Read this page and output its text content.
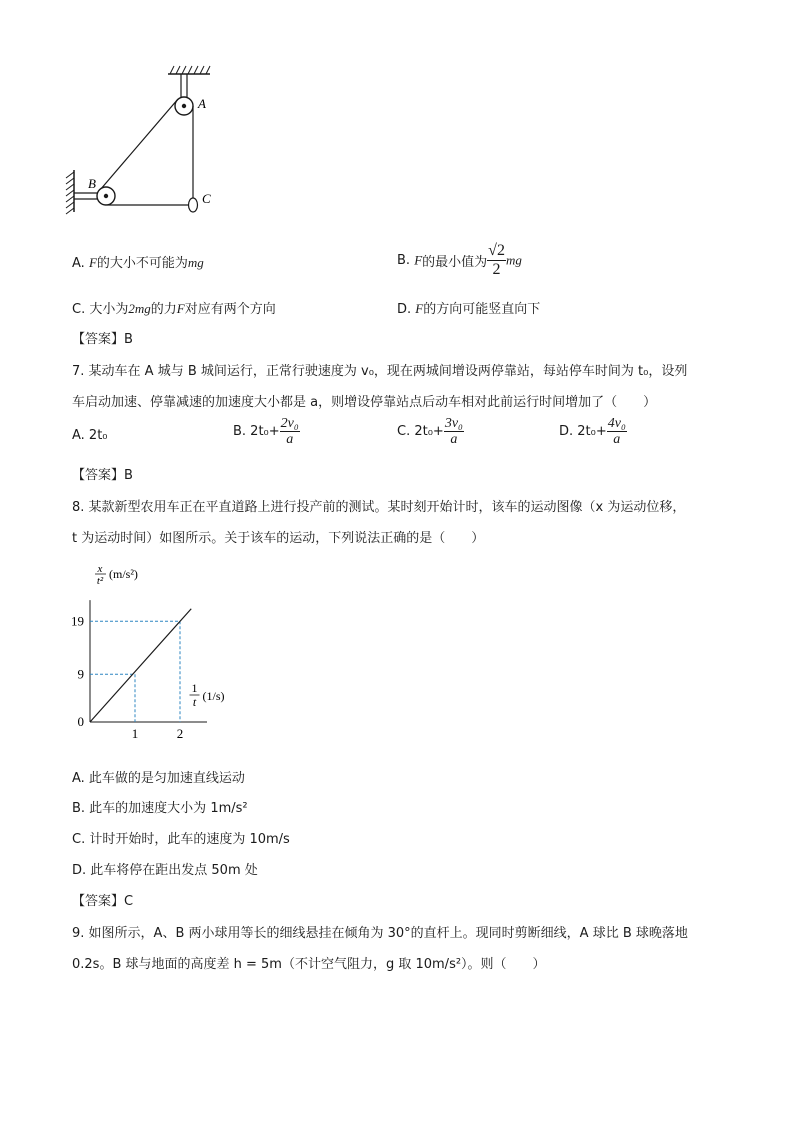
A
B
C
A. F的大小不可能为mg	B. F的最小值为 $\frac{√2}{2}$ mg
C. 大小为2mg的力F对应有两个方向	D. F的方向可能竖直向下
【答案】B
7. 某动车在 A 城与 B 城间运行，正常行驶速度为 v₀，现在两城间增设两停靠站，每站停车时间为 t₀，设列
车启动加速、停靠减速的加速度大小都是 a，则增设停靠站点后动车相对此前运行时间增加了（　　）
A. 2t₀	B. $2t_0+ \frac{\text{2v₀}}{a}$	C. $2t_0+ \frac{\text{3v₀}}{a}$	D. $2t_0+ \frac{\text{4v₀}}{a}$
【答案】B
8. 某款新型农用车正在平直道路上进行投产前的测试。某时刻开始计时，该车的运动图像（x 为运动位移，
t 为运动时间）如图所示。关于该车的运动，下列说法正确的是（　　）
0
9
19
1	2
x
t² (m/s²)
1
t (1/s)
A. 此车做的是匀加速直线运动
B. 此车的加速度大小为 1m/s²
C. 计时开始时，此车的速度为 10m/s
D. 此车将停在距出发点 50m 处
【答案】C
9. 如图所示，A、B 两小球用等长的细线悬挂在倾角为 30°的直杆上。现同时剪断细线，A 球比 B 球晚落地
0.2s。B 球与地面的高度差 h = 5m（不计空气阻力，g 取 10m/s²）。则（　　）
